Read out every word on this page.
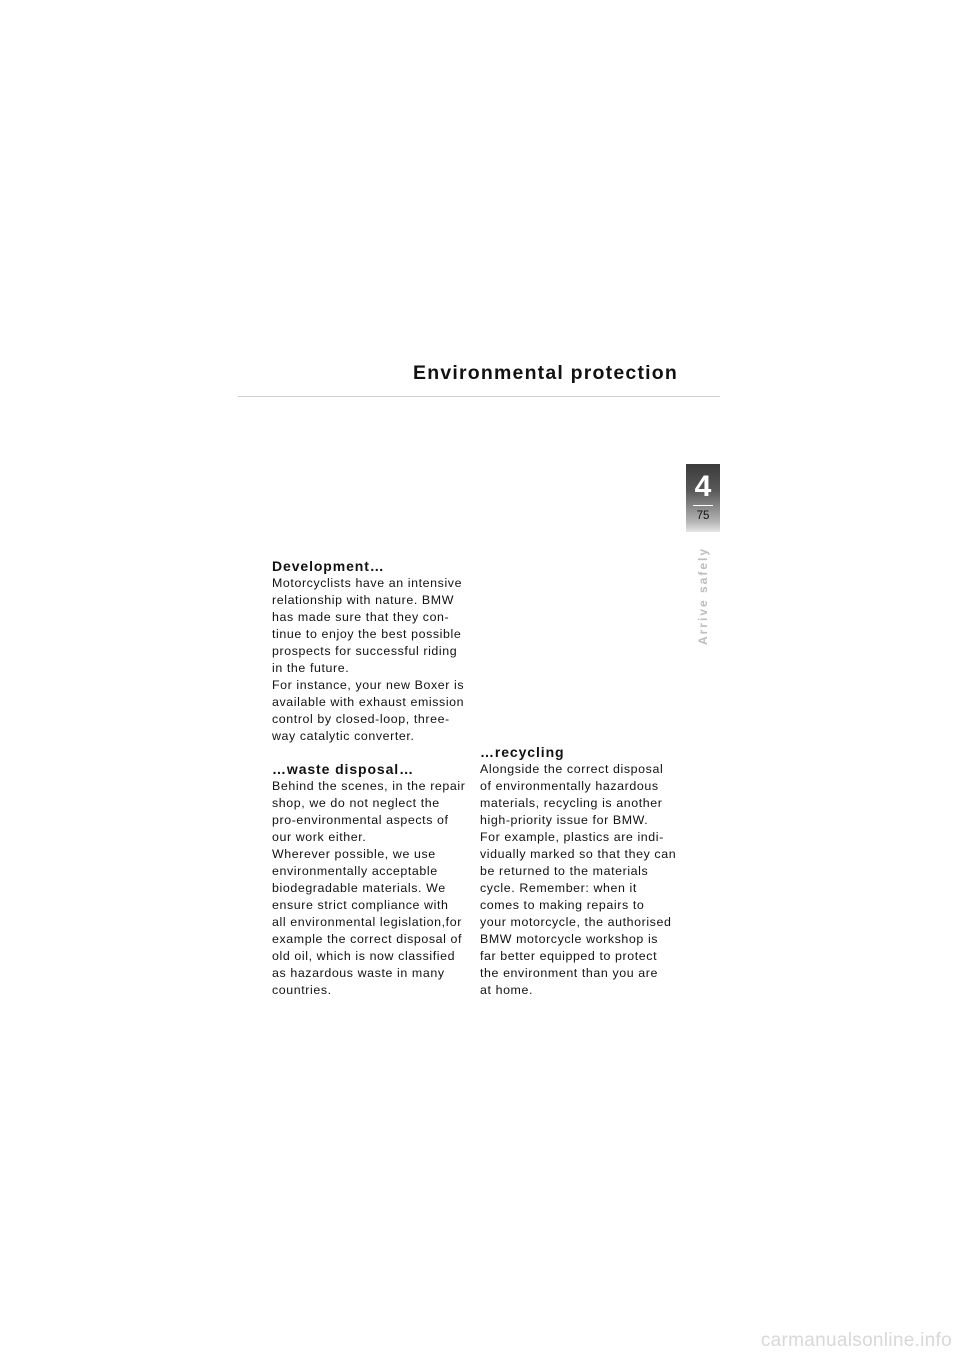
Environmental protection
4
75
Arrive safely
Development…

Motorcyclists have an intensive
relationship with nature. BMW
has made sure that they con-
tinue to enjoy the best possible
prospects for successful riding
in the future.
For instance, your new Boxer is
available with exhaust emission
control by closed-loop, three-
way catalytic converter.

…waste disposal…

Behind the scenes, in the repair
shop, we do not neglect the
pro-environmental aspects of
our work either.
Wherever possible, we use
environmentally acceptable
biodegradable materials. We
ensure strict compliance with
all environmental legislation,for
example the correct disposal of
old oil, which is now classified
as hazardous waste in many
countries.

…recycling

Alongside the correct disposal
of environmentally hazardous
materials, recycling is another
high-priority issue for BMW.
For example, plastics are indi-
vidually marked so that they can
be returned to the materials
cycle. Remember: when it
comes to making repairs to
your motorcycle, the authorised
BMW motorcycle workshop is
far better equipped to protect
the environment than you are
at home.

carmanualsonline.info
